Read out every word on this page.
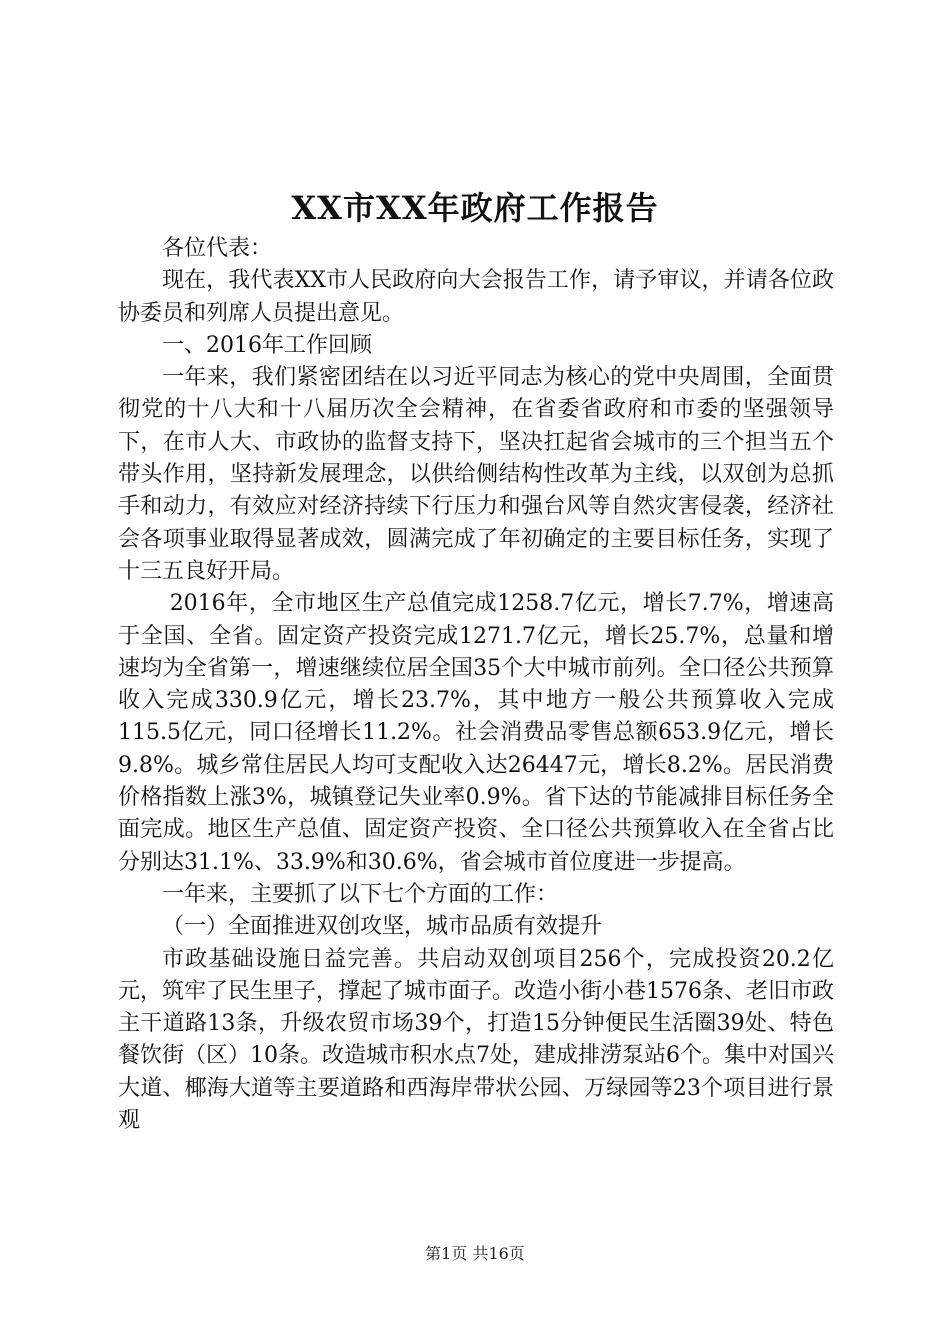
XX市XX年政府工作报告

各位代表：

现在，我代表XX市人民政府向大会报告工作，请予审议，并请各位政协委员和列席人员提出意见。

一、2016年工作回顾

一年来，我们紧密团结在以习近平同志为核心的党中央周围，全面贯彻党的十八大和十八届历次全会精神，在省委省政府和市委的坚强领导下，在市人大、市政协的监督支持下，坚决扛起省会城市的三个担当五个带头作用，坚持新发展理念，以供给侧结构性改革为主线，以双创为总抓手和动力，有效应对经济持续下行压力和强台风等自然灾害侵袭，经济社会各项事业取得显著成效，圆满完成了年初确定的主要目标任务，实现了十三五良好开局。

2016年，全市地区生产总值完成1258.7亿元，增长7.7%，增速高于全国、全省。固定资产投资完成1271.7亿元，增长25.7%，总量和增速均为全省第一，增速继续位居全国35个大中城市前列。全口径公共预算收入完成330.9亿元，增长23.7%，其中地方一般公共预算收入完成115.5亿元，同口径增长11.2%。社会消费品零售总额653.9亿元，增长9.8%。城乡常住居民人均可支配收入达26447元，增长8.2%。居民消费价格指数上涨3%，城镇登记失业率0.9%。省下达的节能减排目标任务全面完成。地区生产总值、固定资产投资、全口径公共预算收入在全省占比分别达31.1%、33.9%和30.6%，省会城市首位度进一步提高。

一年来，主要抓了以下七个方面的工作：

（一）全面推进双创攻坚，城市品质有效提升

市政基础设施日益完善。共启动双创项目256个，完成投资20.2亿元，筑牢了民生里子，撑起了城市面子。改造小街小巷1576条、老旧市政主干道路13条，升级农贸市场39个，打造15分钟便民生活圈39处、特色餐饮街（区）10条。改造城市积水点7处，建成排涝泵站6个。集中对国兴大道、椰海大道等主要道路和西海岸带状公园、万绿园等23个项目进行景观

第1页 共16页
